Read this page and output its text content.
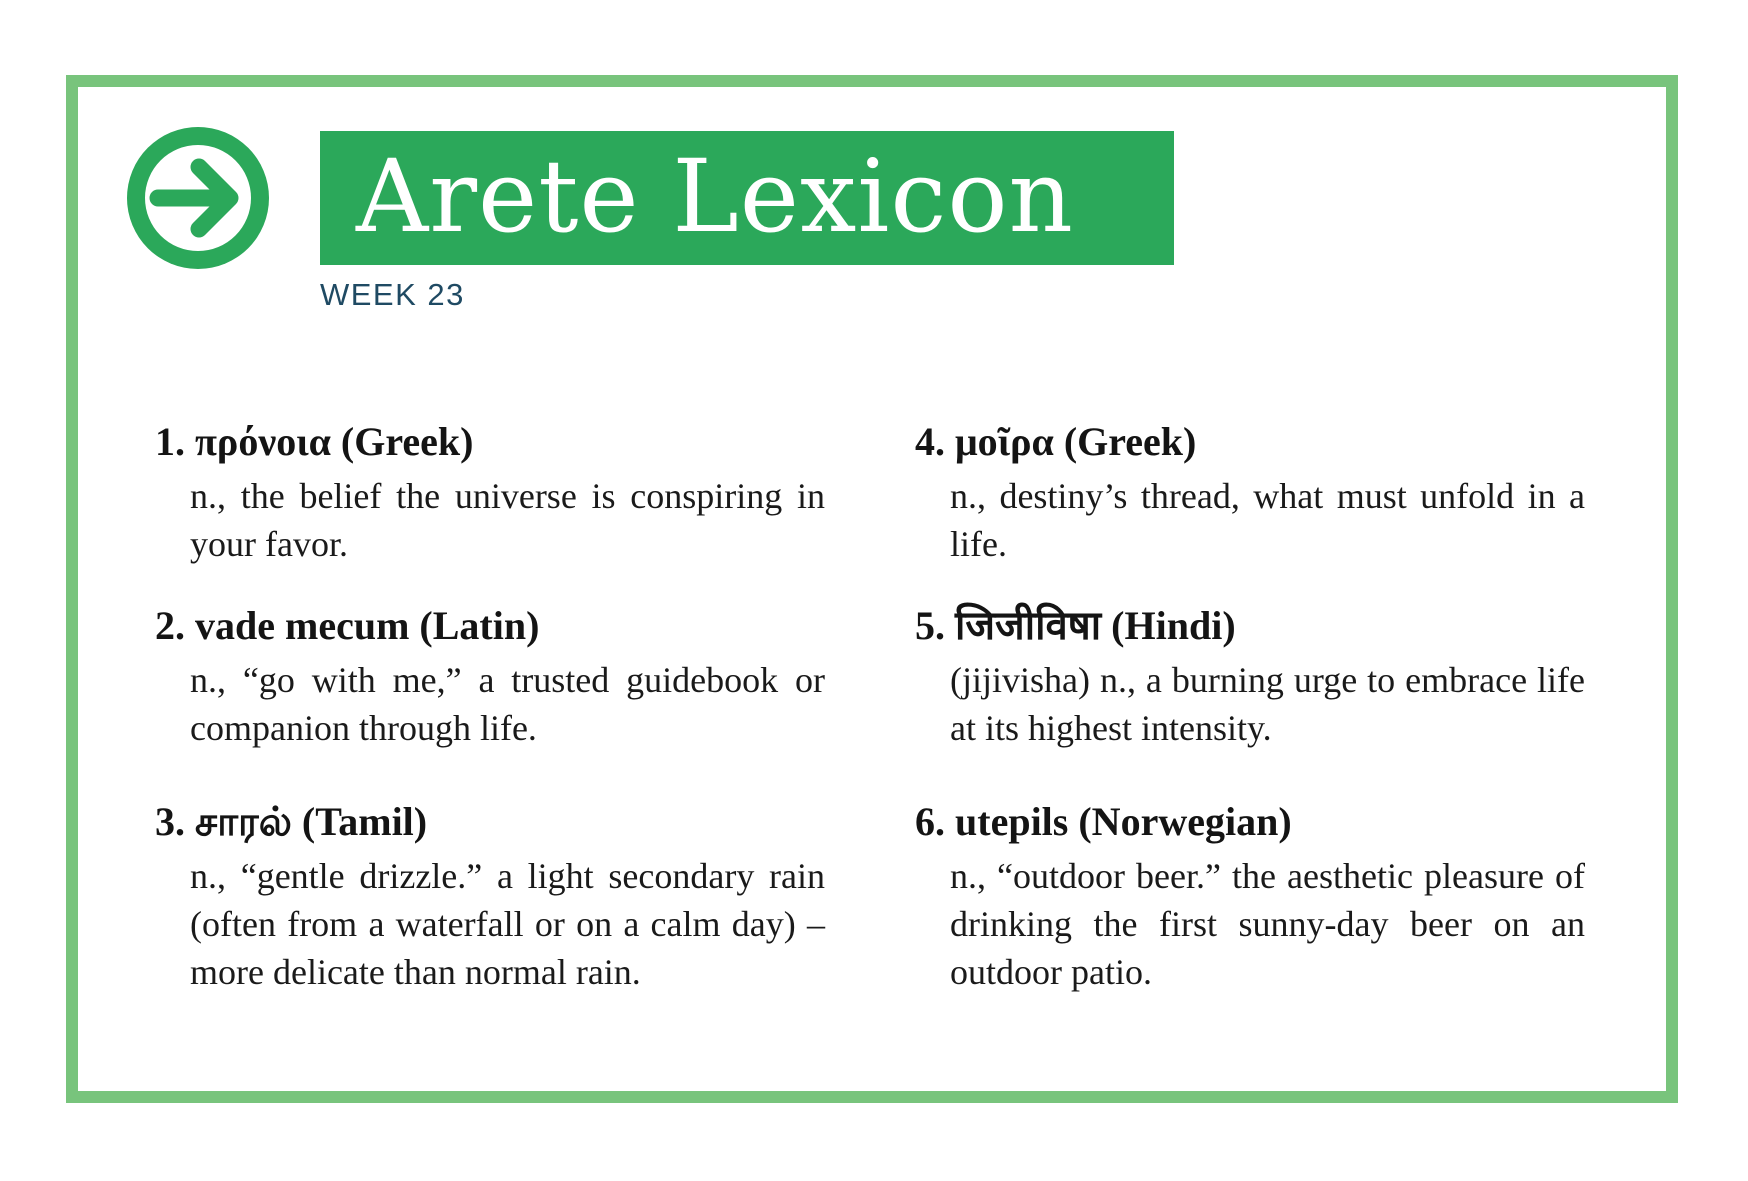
Arete Lexicon
WEEK 23
1. πρόνοια (Greek)
n., the belief the universe is conspiring in your favor.
2. vade mecum (Latin)
n., “go with me,” a trusted guidebook or companion through life.
3. சாரல் (Tamil)
n., “gentle drizzle.” a light secondary rain (often from a waterfall or on a calm day) – more delicate than normal rain.
4. μοῖρα (Greek)
n., destiny’s thread, what must unfold in a life.
5. जिजीविषा (Hindi)
(jijivisha) n., a burning urge to embrace life at its highest intensity.
6. utepils (Norwegian)
n., “outdoor beer.” the aesthetic pleasure of drinking the first sunny-day beer on an outdoor patio.
